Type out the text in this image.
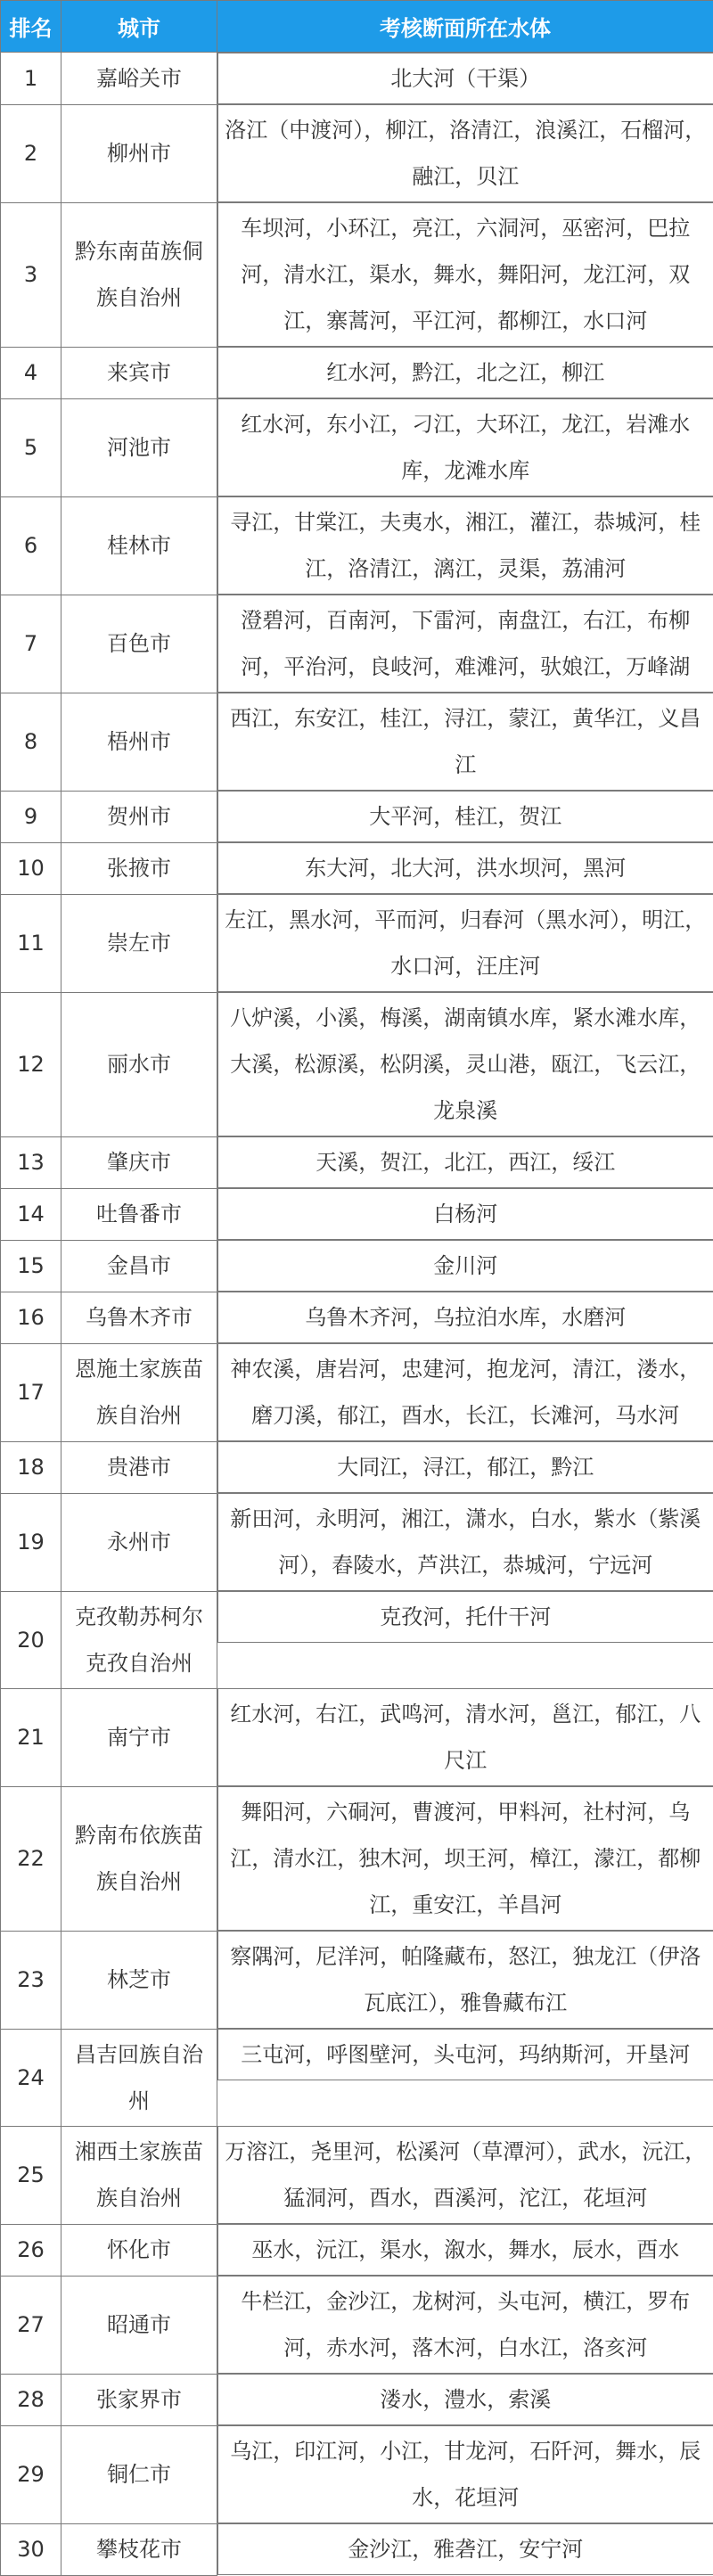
排名	城市	考核断面所在水体
1	嘉峪关市		北大河（干渠）

2	柳州市	
洛江（中渡河），柳江，洛清江，浪溪江，石榴河，融江，贝江

3	黔东南苗族侗族自治州	
车坝河，小环江，亮江，六洞河，巫密河，巴拉河，清水江，渠水，舞水，舞阳河，龙江河，双江，寨蒿河，平江河，都柳江，水口河

4	来宾市		红水河，黔江，北之江，柳江

5	河池市	
红水河，东小江，刁江，大环江，龙江，岩滩水库，龙滩水库

6	桂林市	
寻江，甘棠江，夫夷水，湘江，灌江，恭城河，桂江，洛清江，漓江，灵渠，荔浦河

7	百色市	
澄碧河，百南河，下雷河，南盘江，右江，布柳河，平治河，良岐河，难滩河，驮娘江，万峰湖

8	梧州市	
西江，东安江，桂江，浔江，蒙江，黄华江，义昌江

9	贺州市		大平河，桂江，贺江

10	张掖市		东大河，北大河，洪水坝河，黑河

11	崇左市	
左江，黑水河，平而河，归春河（黑水河），明江，水口河，汪庄河

12	丽水市	
八炉溪，小溪，梅溪，湖南镇水库，紧水滩水库，大溪，松源溪，松阴溪，灵山港，瓯江，飞云江，龙泉溪

13	肇庆市		天溪，贺江，北江，西江，绥江

14	吐鲁番市		白杨河

15	金昌市		金川河

16	乌鲁木齐市		乌鲁木齐河，乌拉泊水库，水磨河

17	恩施土家族苗族自治州	
神农溪，唐岩河，忠建河，抱龙河，清江，溇水，磨刀溪，郁江，酉水，长江，长滩河，马水河

18	贵港市		大同江，浔江，郁江，黔江

19	永州市	
新田河，永明河，湘江，潇水，白水，紫水（紫溪河），舂陵水，芦洪江，恭城河，宁远河

20	克孜勒苏柯尔克孜自治州	
克孜河，托什干河

21	南宁市	
红水河，右江，武鸣河，清水河，邕江，郁江，八尺江

22	黔南布依族苗族自治州	
舞阳河，六硐河，曹渡河，甲料河，社村河，乌江，清水江，独木河，坝王河，樟江，濛江，都柳江，重安江，羊昌河

23	林芝市	
察隅河，尼洋河，帕隆藏布，怒江，独龙江（伊洛瓦底江），雅鲁藏布江

24	昌吉回族自治州	
三屯河，呼图壁河，头屯河，玛纳斯河，开垦河

25	湘西土家族苗族自治州	
万溶江，尧里河，松溪河（草潭河），武水，沅江，猛洞河，酉水，酉溪河，沱江，花垣河

26	怀化市		巫水，沅江，渠水，溆水，舞水，辰水，酉水

27	昭通市	
牛栏江，金沙江，龙树河，头屯河，横江，罗布河，赤水河，落木河，白水江，洛亥河

28	张家界市		溇水，澧水，索溪

29	铜仁市	
乌江，印江河，小江，甘龙河，石阡河，舞水，辰水，花垣河

30	攀枝花市		金沙江，雅砻江，安宁河
